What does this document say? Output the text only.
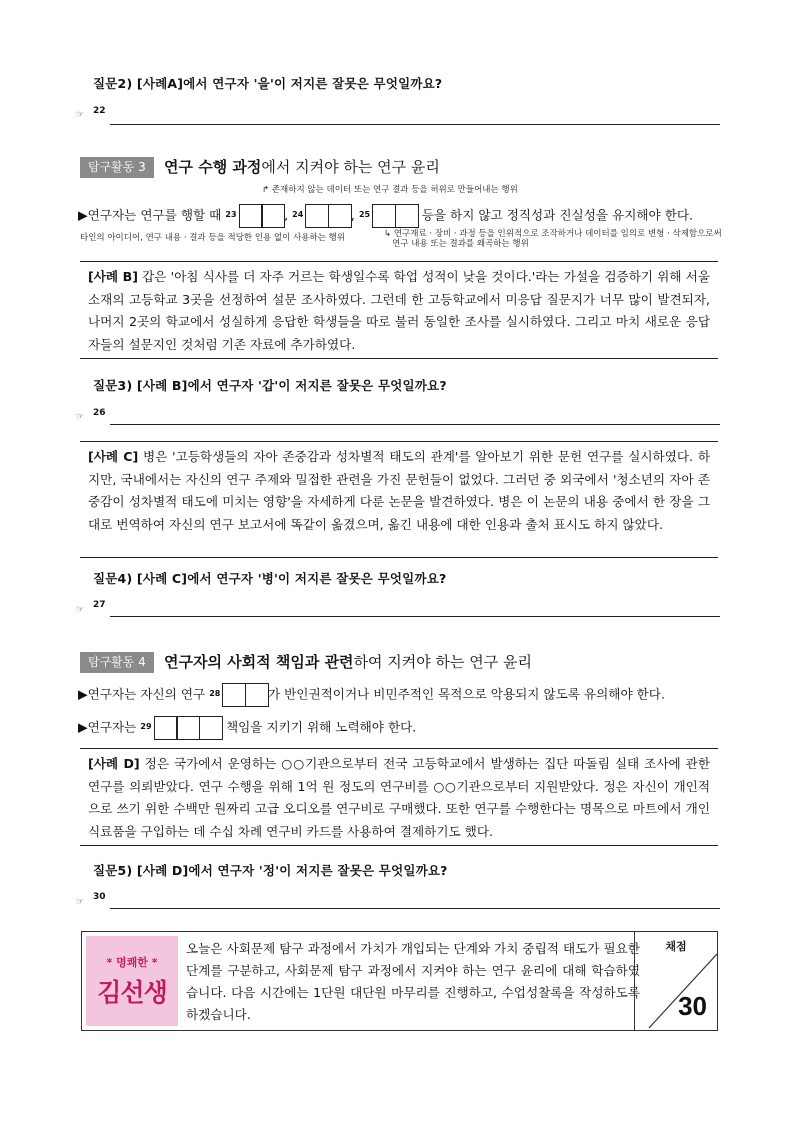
질문2) [사례A]에서 연구자 '을'이 저지른 잘못은 무엇일까요?
☞ 22
탐구활동 3	연구 수행 과정에서 지켜야 하는 연구 윤리
↱ 존재하지 않는 데이터 또는 연구 결과 등을 허위로 만들어내는 행위
▶연구자는 연구를 행할 때 $^{23}$	, $^{24}$	, $^{25}$	등을 하지 않고 정직성과 진실성을 유지해야 한다.
타인의 아이디어, 연구 내용 · 결과 등을 적당한 인용 없이 사용하는 행위	↳ 연구재료 · 장비 · 과정 등을 인위적으로 조작하거나 데이터를 임의로 변형 · 삭제함으로써
연구 내용 또는 결과를 왜곡하는 행위
[사례 B] 갑은 '아침 식사를 더 자주 거르는 학생일수록 학업 성적이 낮을 것이다.'라는 가설을 검증하기 위해 서울 소재의 고등학교 3곳을 선정하여 설문 조사하였다. 그런데 한 고등학교에서 미응답 질문지가 너무 많이 발견되자, 나머지 2곳의 학교에서 성실하게 응답한 학생들을 따로 불러 동일한 조사를 실시하였다. 그리고 마치 새로운 응답자들의 설문지인 것처럼 기존 자료에 추가하였다.
질문3) [사례 B]에서 연구자 '갑'이 저지른 잘못은 무엇일까요?
☞ 26
[사례 C] 병은 '고등학생들의 자아 존중감과 성차별적 태도의 관계'를 알아보기 위한 문헌 연구를 실시하였다. 하지만, 국내에서는 자신의 연구 주제와 밀접한 관련을 가진 문헌들이 없었다. 그러던 중 외국에서 '청소년의 자아 존중감이 성차별적 태도에 미치는 영향'을 자세하게 다룬 논문을 발견하였다. 병은 이 논문의 내용 중에서 한 장을 그대로 번역하여 자신의 연구 보고서에 똑같이 옮겼으며, 옮긴 내용에 대한 인용과 출처 표시도 하지 않았다.
질문4) [사례 C]에서 연구자 '병'이 저지른 잘못은 무엇일까요?
☞ 27
탐구활동 4	연구자의 사회적 책임과 관련하여 지켜야 하는 연구 윤리
▶연구자는 자신의 연구 $^{28}$	가 반인권적이거나 비민주적인 목적으로 악용되지 않도록 유의해야 한다.
▶연구자는 $^{29}$	책임을 지키기 위해 노력해야 한다.
[사례 D] 정은 국가에서 운영하는 ○○기관으로부터 전국 고등학교에서 발생하는 집단 따돌림 실태 조사에 관한 연구를 의뢰받았다. 연구 수행을 위해 1억 원 정도의 연구비를 ○○기관으로부터 지원받았다. 정은 자신이 개인적으로 쓰기 위한 수백만 원짜리 고급 오디오를 연구비로 구매했다. 또한 연구를 수행한다는 명목으로 마트에서 개인 식료품을 구입하는 데 수십 차례 연구비 카드를 사용하여 결제하기도 했다.
질문5) [사례 D]에서 연구자 '정'이 저지른 잘못은 무엇일까요?
☞ 30
* 명쾌한 *
김선생
오늘은 사회문제 탐구 과정에서 가치가 개입되는 단계와 가치 중립적 태도가 필요한 단계를 구분하고, 사회문제 탐구 과정에서 지켜야 하는 연구 윤리에 대해 학습하였습니다. 다음 시간에는 1단원 대단원 마무리를 진행하고, 수업성찰록을 작성하도록 하겠습니다.
채점
30
